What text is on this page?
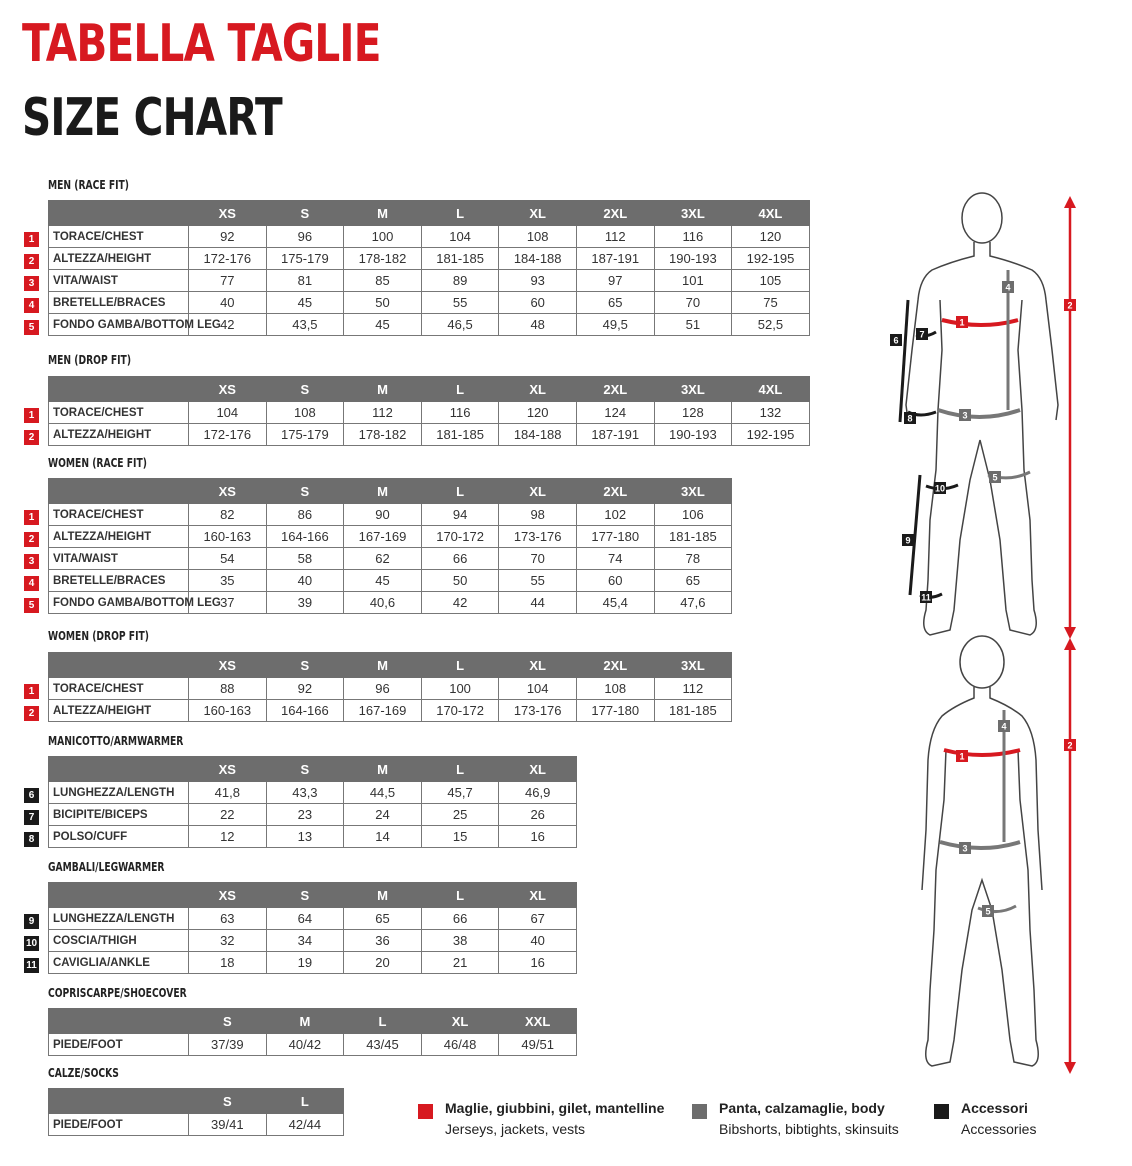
TABELLA TAGLIE
SIZE CHART
MEN (RACE FIT)
	XS	S	M	L	XL	2XL	3XL	4XL
TORACE/CHEST	92	96	100	104	108	112	116	120
ALTEZZA/HEIGHT	172-176	175-179	178-182	181-185	184-188	187-191	190-193	192-195
VITA/WAIST	77	81	85	89	93	97	101	105
BRETELLE/BRACES	40	45	50	55	60	65	70	75
FONDO GAMBA/BOTTOM LEG	42	43,5	45	46,5	48	49,5	51	52,5
1
2
3
4
5
MEN (DROP FIT)
	XS	S	M	L	XL	2XL	3XL	4XL
TORACE/CHEST	104	108	112	116	120	124	128	132
ALTEZZA/HEIGHT	172-176	175-179	178-182	181-185	184-188	187-191	190-193	192-195
1
2
WOMEN (RACE FIT)
	XS	S	M	L	XL	2XL	3XL
TORACE/CHEST	82	86	90	94	98	102	106
ALTEZZA/HEIGHT	160-163	164-166	167-169	170-172	173-176	177-180	181-185
VITA/WAIST	54	58	62	66	70	74	78
BRETELLE/BRACES	35	40	45	50	55	60	65
FONDO GAMBA/BOTTOM LEG	37	39	40,6	42	44	45,4	47,6
1
2
3
4
5
WOMEN (DROP FIT)
	XS	S	M	L	XL	2XL	3XL
TORACE/CHEST	88	92	96	100	104	108	112
ALTEZZA/HEIGHT	160-163	164-166	167-169	170-172	173-176	177-180	181-185
1
2
MANICOTTO/ARMWARMER
	XS	S	M	L	XL
LUNGHEZZA/LENGTH	41,8	43,3	44,5	45,7	46,9
BICIPITE/BICEPS	22	23	24	25	26
POLSO/CUFF	12	13	14	15	16
6
7
8
GAMBALI/LEGWARMER
	XS	S	M	L	XL
LUNGHEZZA/LENGTH	63	64	65	66	67
COSCIA/THIGH	32	34	36	38	40
CAVIGLIA/ANKLE	18	19	20	21	16
9
10
11
COPRISCARPE/SHOECOVER
	S	M	L	XL	XXL
PIEDE/FOOT	37/39	40/42	43/45	46/48	49/51
CALZE/SOCKS
	S	L
PIEDE/FOOT	39/41	42/44
Maglie, giubbini, gilet, mantelline
Jerseys, jackets, vests
Panta, calzamaglie, body
Bibshorts, bibtights, skinsuits
Accessori
Accessories
1
2
3
4
5
6
7
8
9
10
11
1
2
3
4
5
